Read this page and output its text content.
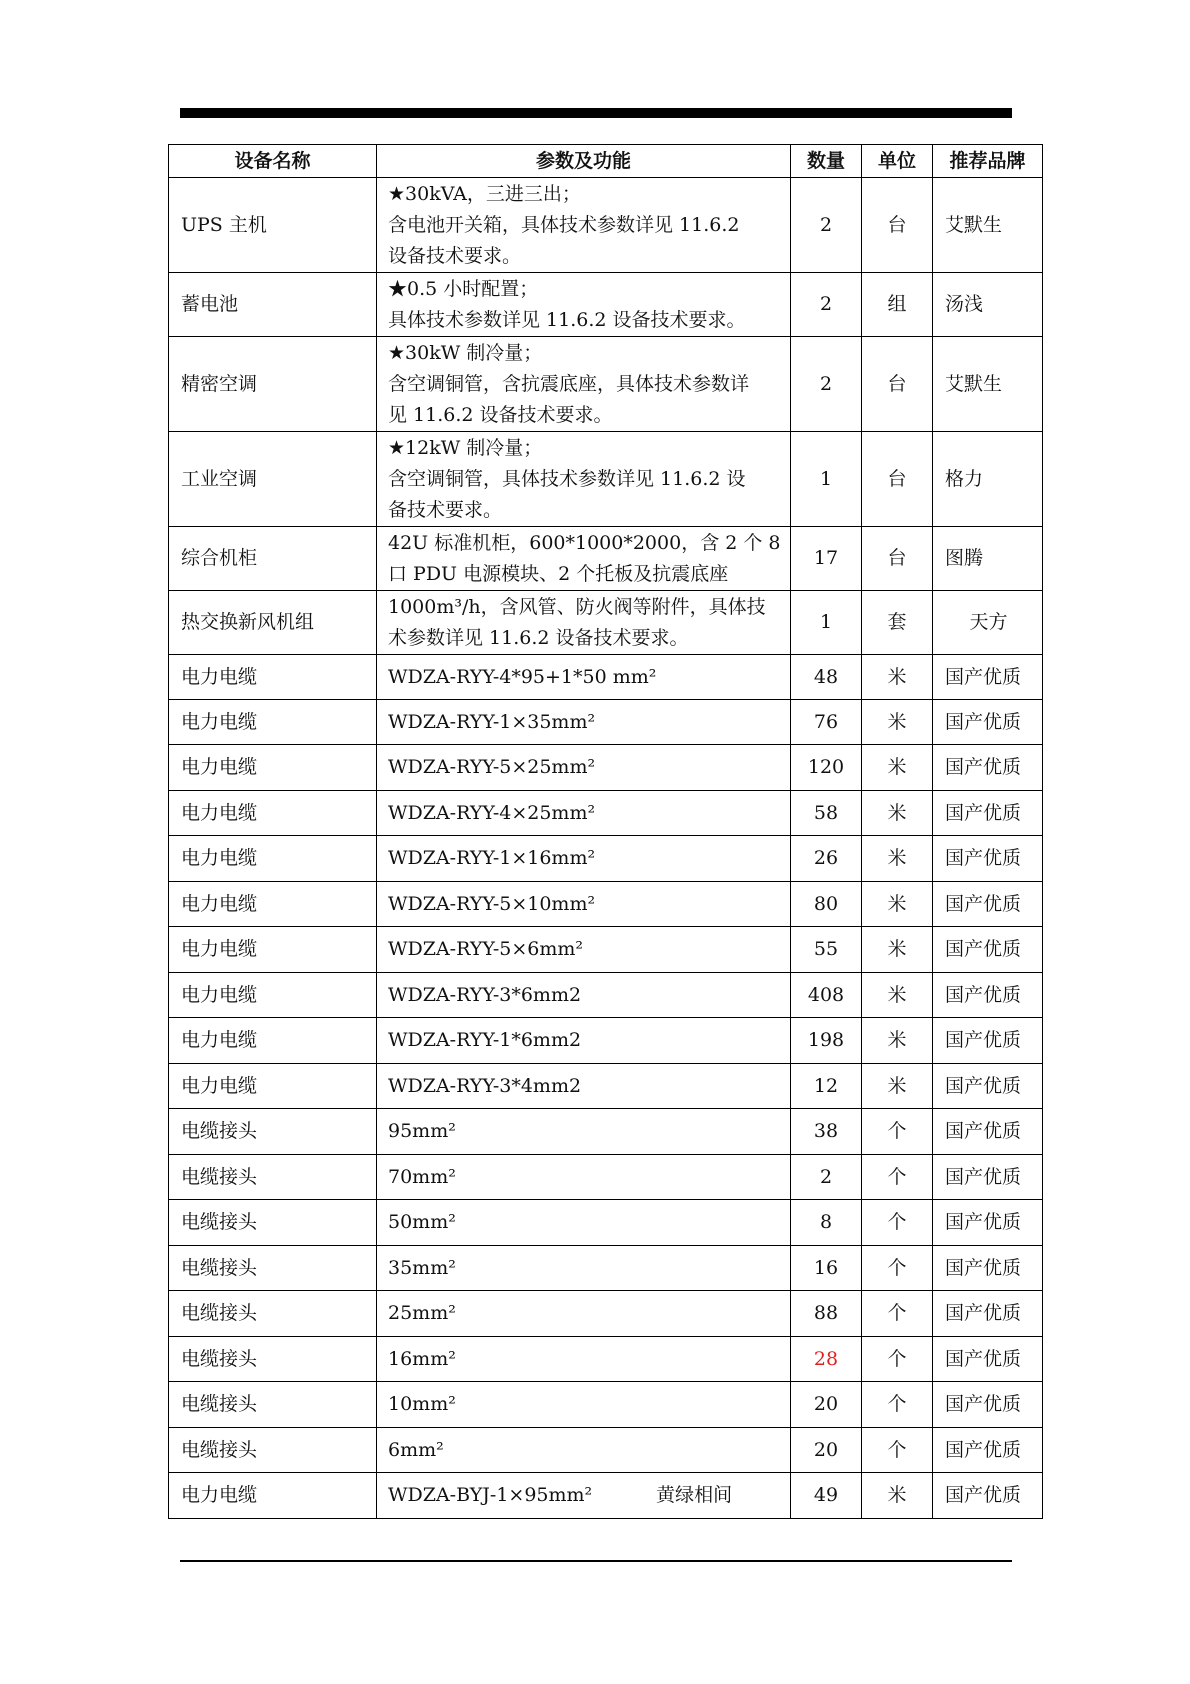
设备名称	参数及功能	数量	单位	推荐品牌
UPS 主机	★30kVA，三进三出；
含电池开关箱，具体技术参数详见 11.6.2
设备技术要求。	2	台	艾默生
蓄电池	★0.5 小时配置；
具体技术参数详见 11.6.2 设备技术要求。	2	组	汤浅
精密空调	★30kW 制冷量；
含空调铜管，含抗震底座，具体技术参数详
见 11.6.2 设备技术要求。	2	台	艾默生
工业空调	★12kW 制冷量；
含空调铜管，具体技术参数详见 11.6.2 设
备技术要求。	1	台	格力
综合机柜	42U 标准机柜，600*1000*2000，含 2 个 8
口 PDU 电源模块、2 个托板及抗震底座	17	台	图腾
热交换新风机组	1000m³/h，含风管、防火阀等附件，具体技
术参数详见 11.6.2 设备技术要求。	1	套	天方
电力电缆	WDZA-RYY-4*95+1*50 mm²	48	米	国产优质
电力电缆	WDZA-RYY-1×35mm²	76	米	国产优质
电力电缆	WDZA-RYY-5×25mm²	120	米	国产优质
电力电缆	WDZA-RYY-4×25mm²	58	米	国产优质
电力电缆	WDZA-RYY-1×16mm²	26	米	国产优质
电力电缆	WDZA-RYY-5×10mm²	80	米	国产优质
电力电缆	WDZA-RYY-5×6mm²	55	米	国产优质
电力电缆	WDZA-RYY-3*6mm2	408	米	国产优质
电力电缆	WDZA-RYY-1*6mm2	198	米	国产优质
电力电缆	WDZA-RYY-3*4mm2	12	米	国产优质
电缆接头	95mm²	38	个	国产优质
电缆接头	70mm²	2	个	国产优质
电缆接头	50mm²	8	个	国产优质
电缆接头	35mm²	16	个	国产优质
电缆接头	25mm²	88	个	国产优质
电缆接头	16mm²	28	个	国产优质
电缆接头	10mm²	20	个	国产优质
电缆接头	6mm²	20	个	国产优质
电力电缆	WDZA-BYJ-1×95mm² 黄绿相间	49	米	国产优质
